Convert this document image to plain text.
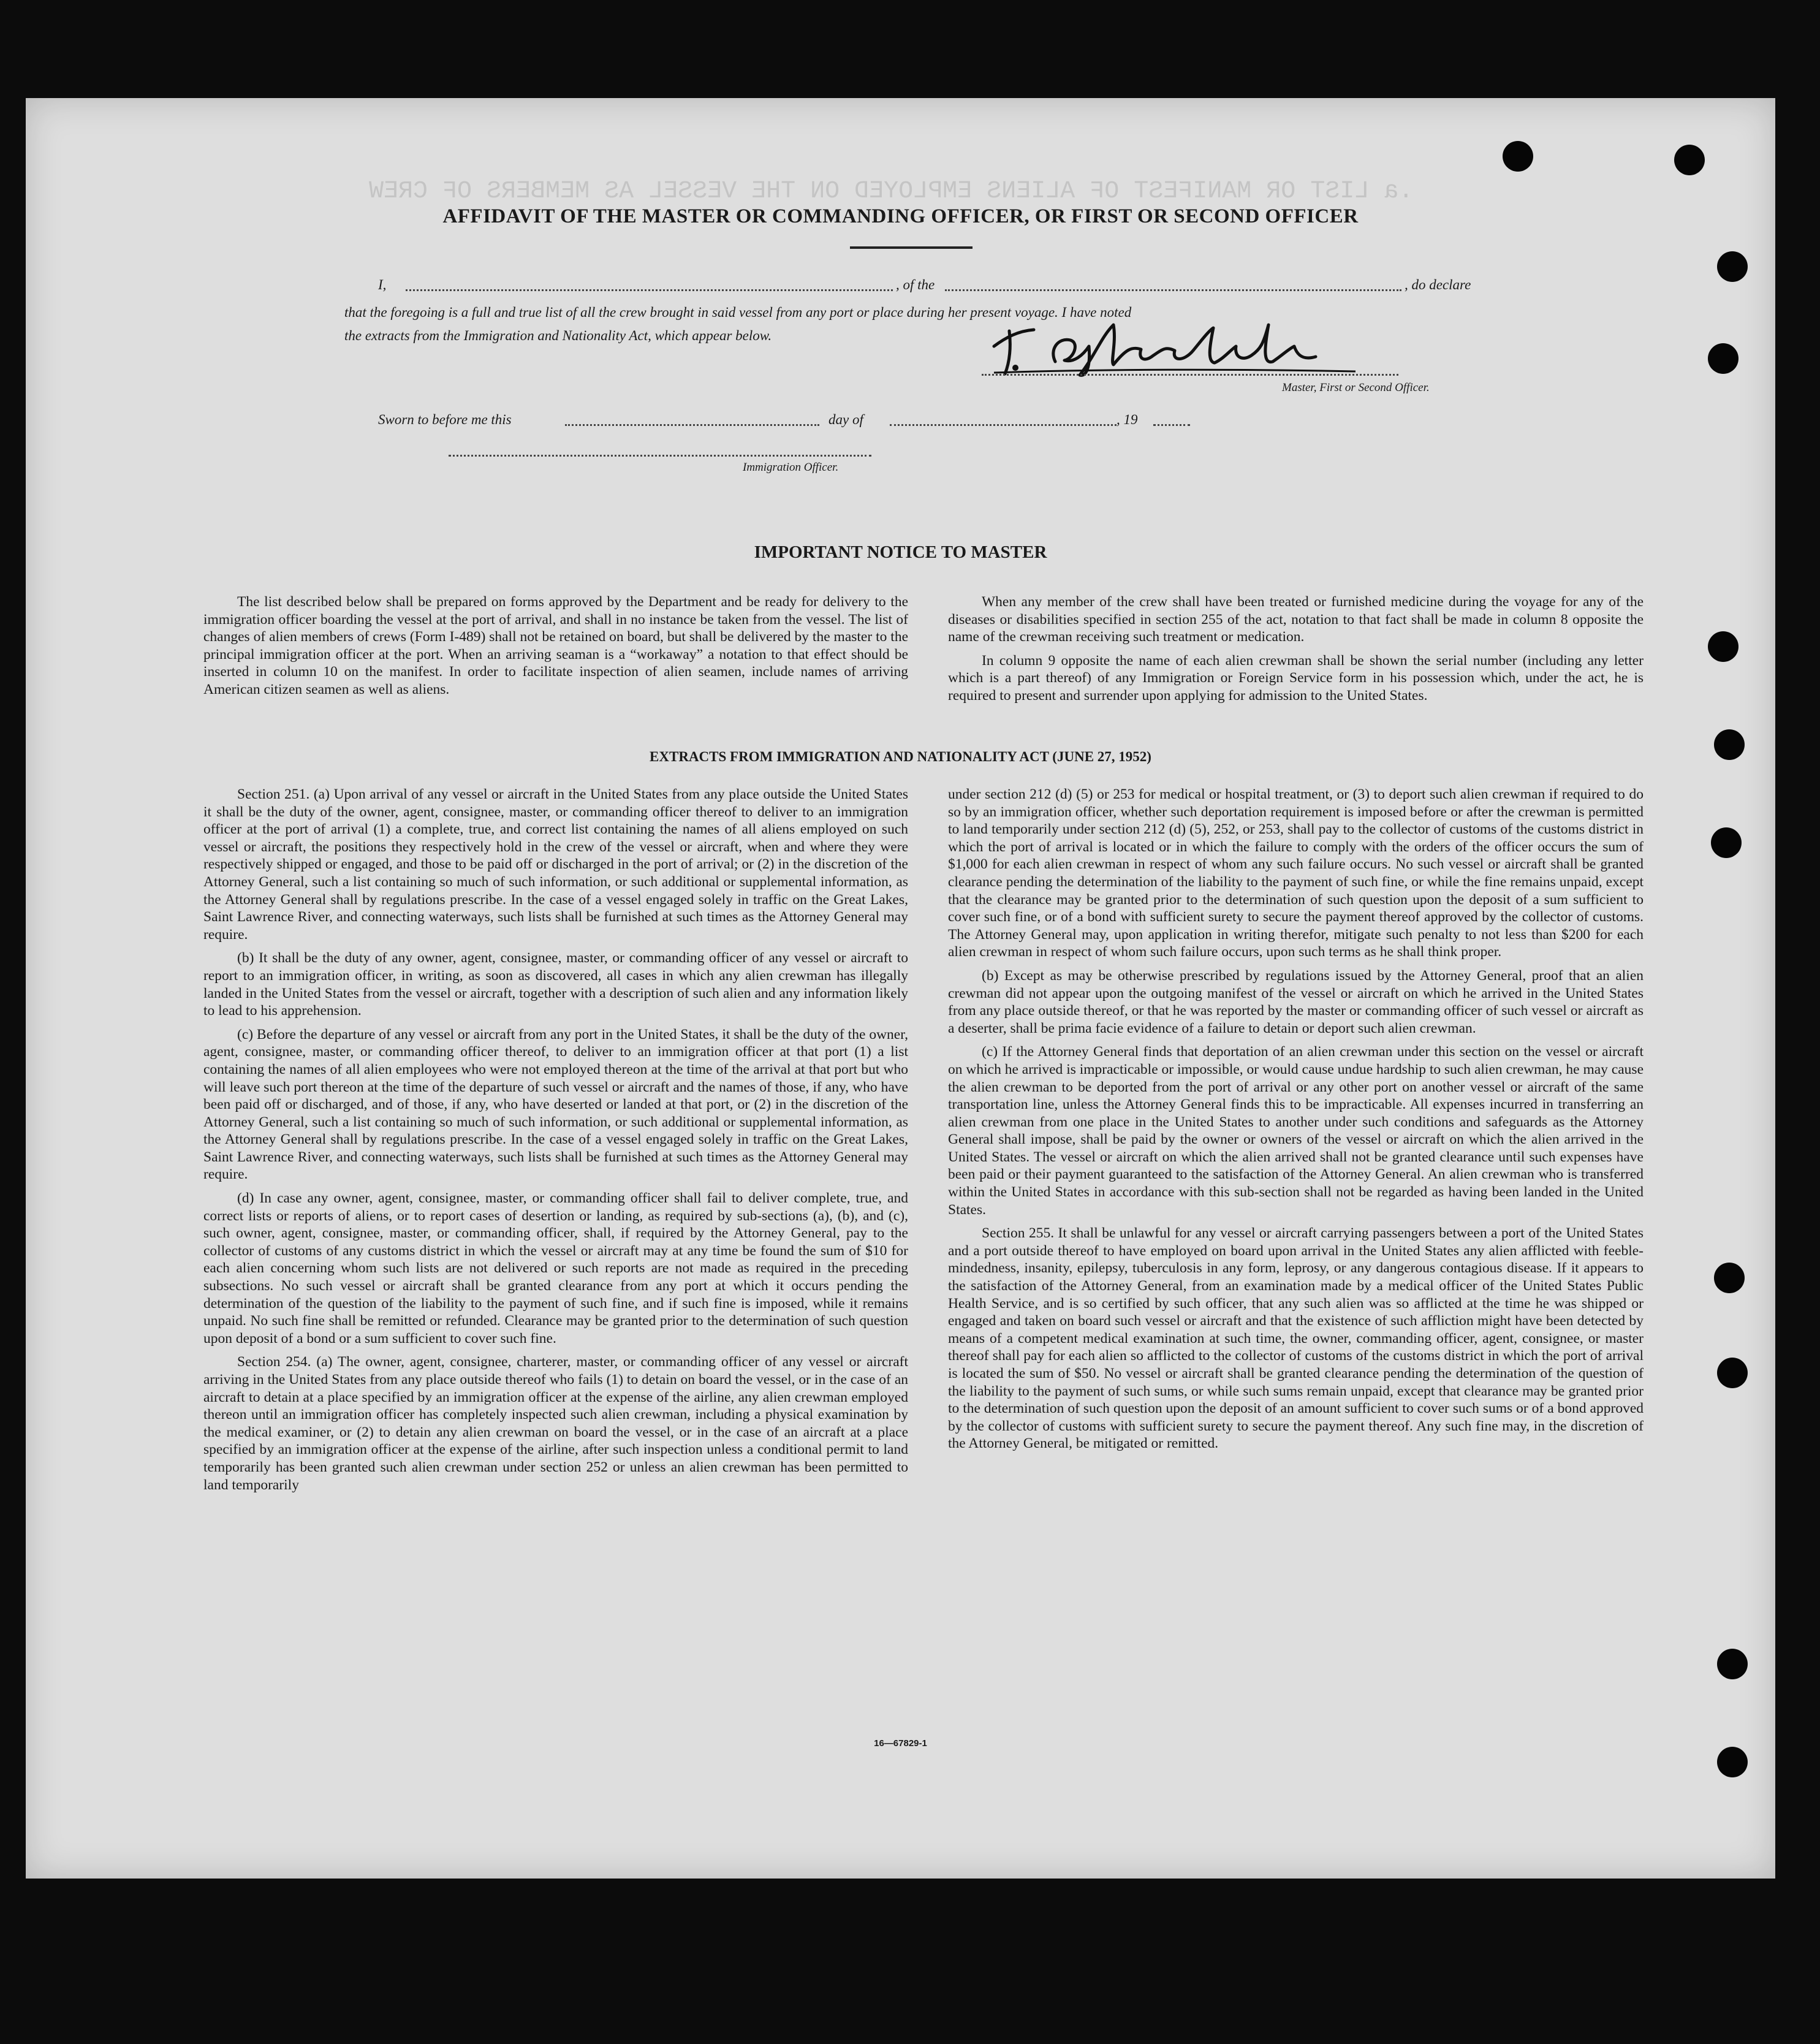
.a LIST OR MANIFEST OF ALIENS EMPLOYED ON THE VESSEL AS MEMBERS OF CREW
AFFIDAVIT OF THE MASTER OR COMMANDING OFFICER, OR FIRST OR SECOND OFFICER
I,	, of the	, do declare
that the foregoing is a full and true list of all the crew brought in said vessel from any port or place during her present voyage. I have noted
the extracts from the Immigration and Nationality Act, which appear below.
Master, First or Second Officer.
Sworn to before me this	day of	, 19
Immigration Officer.
IMPORTANT NOTICE TO MASTER

The list described below shall be prepared on forms approved by the Department and be ready for delivery to the immigration officer boarding the vessel at the port of arrival, and shall in no instance be taken from the vessel. The list of changes of alien members of crews (Form I-489) shall not be retained on board, but shall be delivered by the master to the principal immigration officer at the port. When an arriving seaman is a “workaway” a notation to that effect should be inserted in column 10 on the manifest. In order to facilitate inspection of alien seamen, include names of arriving American citizen seamen as well as aliens.

When any member of the crew shall have been treated or furnished medicine during the voyage for any of the diseases or disabilities specified in section 255 of the act, notation to that fact shall be made in column 8 opposite the name of the crewman receiving such treatment or medication.

In column 9 opposite the name of each alien crewman shall be shown the serial number (including any letter which is a part thereof) of any Immigration or Foreign Service form in his possession which, under the act, he is required to present and surrender upon applying for admission to the United States.

EXTRACTS FROM IMMIGRATION AND NATIONALITY ACT (JUNE 27, 1952)

Section 251. (a) Upon arrival of any vessel or aircraft in the United States from any place outside the United States it shall be the duty of the owner, agent, consignee, master, or commanding officer thereof to deliver to an immigration officer at the port of arrival (1) a complete, true, and correct list containing the names of all aliens employed on such vessel or aircraft, the positions they respectively hold in the crew of the vessel or aircraft, when and where they were respectively shipped or engaged, and those to be paid off or discharged in the port of arrival; or (2) in the discretion of the Attorney General, such a list containing so much of such information, or such additional or supplemental information, as the Attorney General shall by regulations prescribe. In the case of a vessel engaged solely in traffic on the Great Lakes, Saint Lawrence River, and connecting waterways, such lists shall be furnished at such times as the Attorney General may require.

(b) It shall be the duty of any owner, agent, consignee, master, or commanding officer of any vessel or aircraft to report to an immigration officer, in writing, as soon as discovered, all cases in which any alien crewman has illegally landed in the United States from the vessel or aircraft, together with a description of such alien and any information likely to lead to his apprehension.

(c) Before the departure of any vessel or aircraft from any port in the United States, it shall be the duty of the owner, agent, consignee, master, or commanding officer thereof, to deliver to an immigration officer at that port (1) a list containing the names of all alien employees who were not employed thereon at the time of the arrival at that port but who will leave such port thereon at the time of the departure of such vessel or aircraft and the names of those, if any, who have been paid off or discharged, and of those, if any, who have deserted or landed at that port, or (2) in the discretion of the Attorney General, such a list containing so much of such information, or such additional or supplemental information, as the Attorney General shall by regulations prescribe. In the case of a vessel engaged solely in traffic on the Great Lakes, Saint Lawrence River, and connecting waterways, such lists shall be furnished at such times as the Attorney General may require.

(d) In case any owner, agent, consignee, master, or commanding officer shall fail to deliver complete, true, and correct lists or reports of aliens, or to report cases of desertion or landing, as required by sub-sections (a), (b), and (c), such owner, agent, consignee, master, or commanding officer, shall, if required by the Attorney General, pay to the collector of customs of any customs district in which the vessel or aircraft may at any time be found the sum of $10 for each alien concerning whom such lists are not delivered or such reports are not made as required in the preceding subsections. No such vessel or aircraft shall be granted clearance from any port at which it occurs pending the determination of the question of the liability to the payment of such fine, and if such fine is imposed, while it remains unpaid. No such fine shall be remitted or refunded. Clearance may be granted prior to the determination of such question upon deposit of a bond or a sum sufficient to cover such fine.

Section 254. (a) The owner, agent, consignee, charterer, master, or commanding officer of any vessel or aircraft arriving in the United States from any place outside thereof who fails (1) to detain on board the vessel, or in the case of an aircraft to detain at a place specified by an immigration officer at the expense of the airline, any alien crewman employed thereon until an immigration officer has completely inspected such alien crewman, including a physical examination by the medical examiner, or (2) to detain any alien crewman on board the vessel, or in the case of an aircraft at a place specified by an immigration officer at the expense of the airline, after such inspection unless a conditional permit to land temporarily has been granted such alien crewman under section 252 or unless an alien crewman has been permitted to land temporarily

under section 212 (d) (5) or 253 for medical or hospital treatment, or (3) to deport such alien crewman if required to do so by an immigration officer, whether such deportation requirement is imposed before or after the crewman is permitted to land temporarily under section 212 (d) (5), 252, or 253, shall pay to the collector of customs of the customs district in which the port of arrival is located or in which the failure to comply with the orders of the officer occurs the sum of $1,000 for each alien crewman in respect of whom any such failure occurs. No such vessel or aircraft shall be granted clearance pending the determination of the liability to the payment of such fine, or while the fine remains unpaid, except that the clearance may be granted prior to the determination of such question upon the deposit of a sum sufficient to cover such fine, or of a bond with sufficient surety to secure the payment thereof approved by the collector of customs. The Attorney General may, upon application in writing therefor, mitigate such penalty to not less than $200 for each alien crewman in respect of whom such failure occurs, upon such terms as he shall think proper.

(b) Except as may be otherwise prescribed by regulations issued by the Attorney General, proof that an alien crewman did not appear upon the outgoing manifest of the vessel or aircraft on which he arrived in the United States from any place outside thereof, or that he was reported by the master or commanding officer of such vessel or aircraft as a deserter, shall be prima facie evidence of a failure to detain or deport such alien crewman.

(c) If the Attorney General finds that deportation of an alien crewman under this section on the vessel or aircraft on which he arrived is impracticable or impossible, or would cause undue hardship to such alien crewman, he may cause the alien crewman to be deported from the port of arrival or any other port on another vessel or aircraft of the same transportation line, unless the Attorney General finds this to be impracticable. All expenses incurred in transferring an alien crewman from one place in the United States to another under such conditions and safeguards as the Attorney General shall impose, shall be paid by the owner or owners of the vessel or aircraft on which the alien arrived in the United States. The vessel or aircraft on which the alien arrived shall not be granted clearance until such expenses have been paid or their payment guaranteed to the satisfaction of the Attorney General. An alien crewman who is transferred within the United States in accordance with this sub-section shall not be regarded as having been landed in the United States.

Section 255. It shall be unlawful for any vessel or aircraft carrying passengers between a port of the United States and a port outside thereof to have employed on board upon arrival in the United States any alien afflicted with feeble-mindedness, insanity, epilepsy, tuberculosis in any form, leprosy, or any dangerous contagious disease. If it appears to the satisfaction of the Attorney General, from an examination made by a medical officer of the United States Public Health Service, and is so certified by such officer, that any such alien was so afflicted at the time he was shipped or engaged and taken on board such vessel or aircraft and that the existence of such affliction might have been detected by means of a competent medical examination at such time, the owner, commanding officer, agent, consignee, or master thereof shall pay for each alien so afflicted to the collector of customs of the customs district in which the port of arrival is located the sum of $50. No vessel or aircraft shall be granted clearance pending the determination of the question of the liability to the payment of such sums, or while such sums remain unpaid, except that clearance may be granted prior to the determination of such question upon the deposit of an amount sufficient to cover such sums or of a bond approved by the collector of customs with sufficient surety to secure the payment thereof. Any such fine may, in the discretion of the Attorney General, be mitigated or remitted.

16—67829-1
